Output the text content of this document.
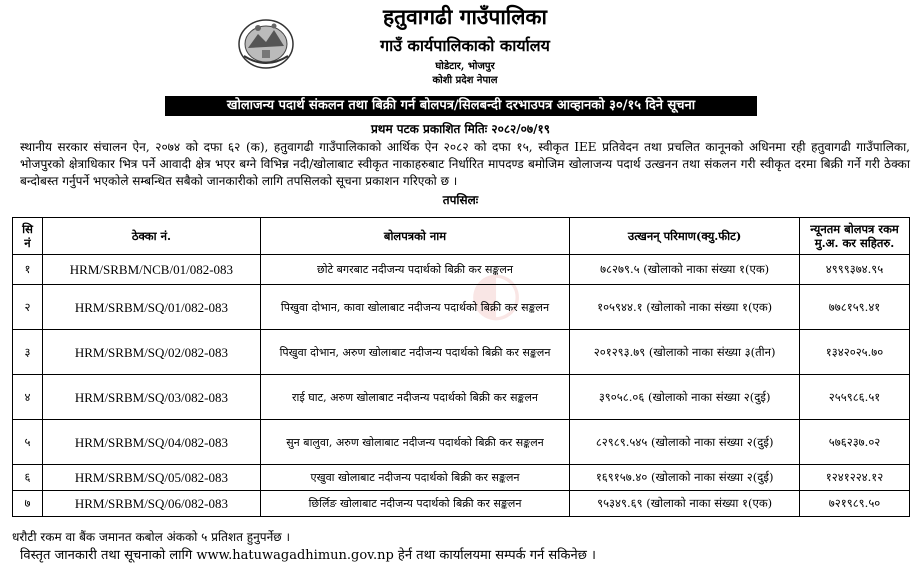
हतुवागढी गाउँपालिका
गाउँ कार्यपालिकाको कार्यालय
घोडेटार, भोजपुर
कोशी प्रदेश नेपाल
खोलाजन्य पदार्थ संकलन तथा बिक्री गर्न बोलपत्र/सिलबन्दी दरभाउपत्र आव्हानको ३०/१५ दिने सूचना
प्रथम पटक प्रकाशित मितिः २०८२/०७/१९
स्थानीय सरकार संचालन ऐन, २०७४ को दफा ६२ (क), हतुवागढी गाउँपालिकाको आर्थिक ऐन २०८२ को दफा १५, स्वीकृत IEE प्रतिवेदन तथा प्रचलित कानूनको अधिनमा रही हतुवागढी गाउँपालिका, भोजपुरको क्षेत्राधिकार भित्र पर्ने आवादी क्षेत्र भएर बग्ने विभिन्न नदी/खोलाबाट स्वीकृत नाकाहरुबाट निर्धारित मापदण्ड बमोजिम खोलाजन्य पदार्थ उत्खनन तथा संकलन गरी स्वीकृत दरमा बिक्री गर्ने गरी ठेक्का बन्दोबस्त गर्नुपर्ने भएकोले सम्बन्धित सबैको जानकारीको लागि तपसिलको सूचना प्रकाशन गरिएको छ ।
तपसिलः
◐
सि नं	ठेक्का नं.	बोलपत्रको नाम	उत्खनन् परिमाण(क्यु.फीट)	न्यूनतम बोलपत्र रकम मु.अ. कर सहितरु.
१	HRM/SRBM/NCB/01/082-083	छोटे बगरबाट नदीजन्य पदार्थको बिक्री कर सङ्कलन	७८२७९.५ (खोलाको नाका संख्या १(एक)	४९९९३७४.९५
२	HRM/SRBM/SQ/01/082-083	पिखुवा दोभान, कावा खोलाबाट नदीजन्य पदार्थको बिक्री कर सङ्कलन	१०५९४४.१ (खोलाको नाका संख्या १(एक)	७७८१५९.४१
३	HRM/SRBM/SQ/02/082-083	पिखुवा दोभान, अरुण खोलाबाट नदीजन्य पदार्थको बिक्री कर सङ्कलन	२०१२९३.७९ (खोलाको नाका संख्या ३(तीन)	१३४२०२५.७०
४	HRM/SRBM/SQ/03/082-083	राई घाट, अरुण खोलाबाट नदीजन्य पदार्थको बिक्री कर सङ्कलन	३९०५८.०६ (खोलाको नाका संख्या २(दुई)	२५५९८६.५१
५	HRM/SRBM/SQ/04/082-083	सुन बालुवा, अरुण खोलाबाट नदीजन्य पदार्थको बिक्री कर सङ्कलन	८२९८९.५४५ (खोलाको नाका संख्या २(दुई)	५७६२३७.०२
६	HRM/SRBM/SQ/05/082-083	एखुवा खोलाबाट नदीजन्य पदार्थको बिक्री कर सङ्कलन	१६९१५७.४० (खोलाको नाका संख्या २(दुई)	१२४१२२४.१२
७	HRM/SRBM/SQ/06/082-083	छिर्लिङ खोलाबाट नदीजन्य पदार्थको बिक्री कर सङ्कलन	९५३४९.६९ (खोलाको नाका संख्या १(एक)	७२१९८९.५०
धरौटी रकम वा बैंक जमानत कबोल अंकको ५ प्रतिशत हुनुपर्नेछ ।
विस्तृत जानकारी तथा सूचनाको लागि www.hatuwagadhimun.gov.np हेर्न तथा कार्यालयमा सम्पर्क गर्न सकिनेछ ।
